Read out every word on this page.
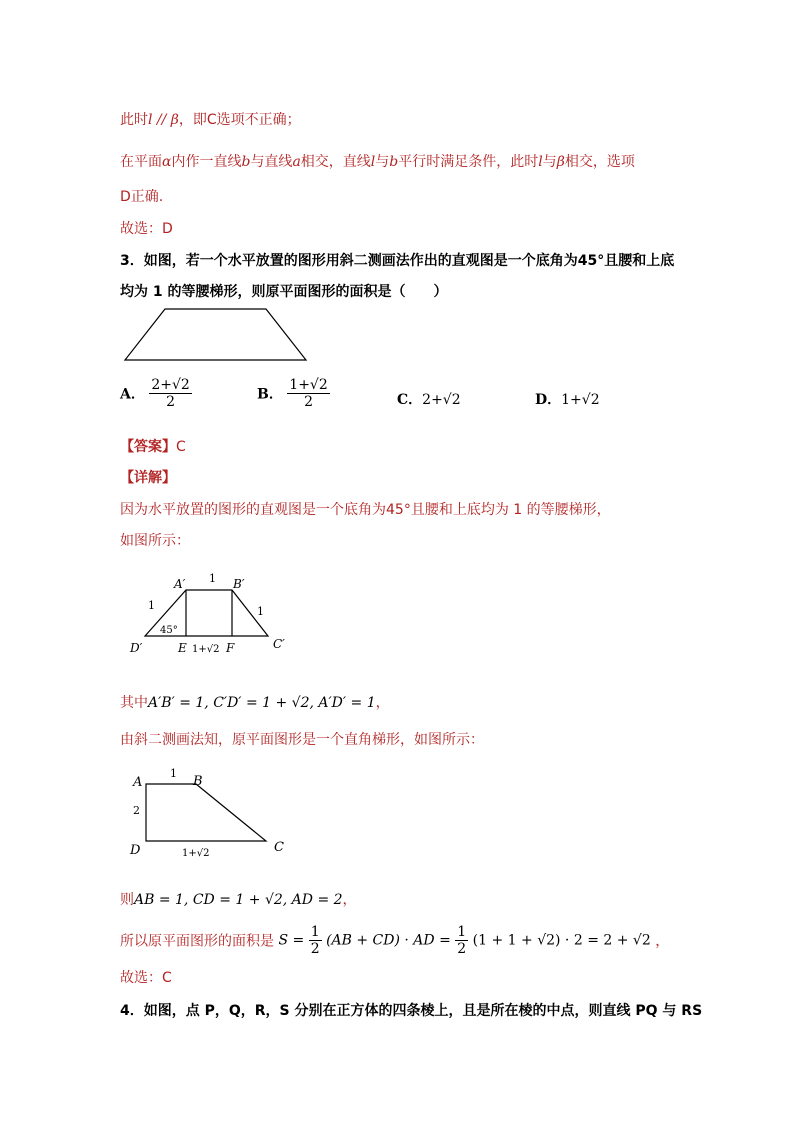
此时l // β，即C选项不正确；
在平面α内作一直线b与直线a相交，直线l与b平行时满足条件，此时l与β相交，选项
D正确.
故选：D
3．如图，若一个水平放置的图形用斜二测画法作出的直观图是一个底角为45°且腰和上底
均为 1 的等腰梯形，则原平面图形的面积是（　　）
A． $\frac{2+√2}{2}$	B． $\frac{1+√2}{2}$	C．2+√2	D．1+√2
【答案】C
【详解】
因为水平放置的图形的直观图是一个底角为45°且腰和上底均为 1 的等腰梯形，
如图所示：
A′ 1 B′
1	1
45°
D′	E 1+√2 F	C′
其中A′B′ = 1, C′D′ = 1 + √2, A′D′ = 1，
由斜二测画法知，原平面图形是一个直角梯形，如图所示：
A
1
B
2
D	1+√2	C
则AB = 1, CD = 1 + √2, AD = 2，
所以原平面图形的面积是 $S = \frac{1}{2} (AB + CD)$ · AD = $\frac{1}{2} (1 + 1 + √2) \cdot 2 = 2 + √2$ ，
故选：C
4．如图，点 P，Q，R，S 分别在正方体的四条棱上，且是所在棱的中点，则直线 PQ 与 RS
